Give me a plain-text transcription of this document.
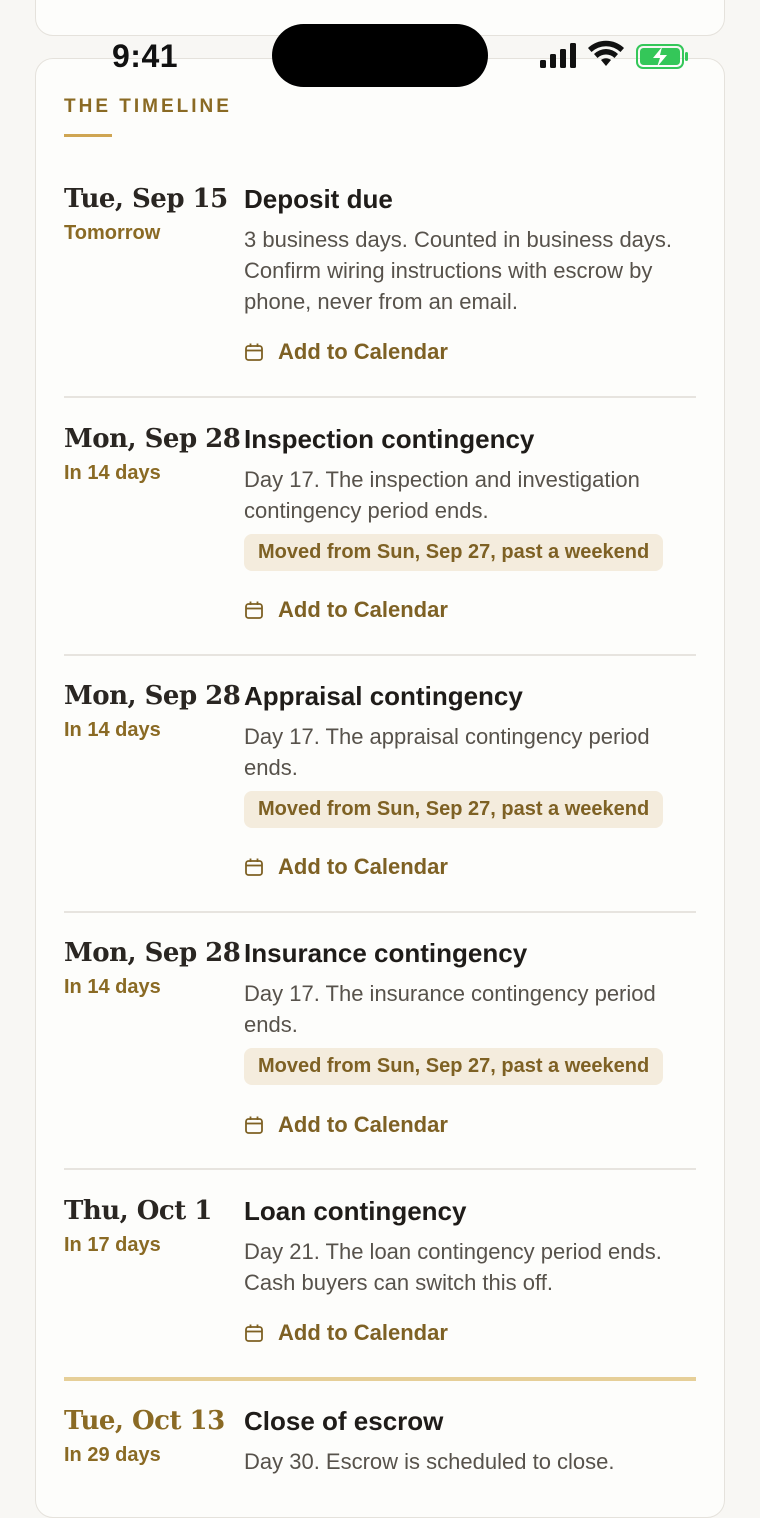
9:41
THE TIMELINE
Tue, Sep 15
Tomorrow
Deposit due
3 business days. Counted in business days. Confirm wiring instructions with escrow by phone, never from an email.
Add to Calendar
Mon, Sep 28
In 14 days
Inspection contingency
Day 17. The inspection and investigation contingency period ends.
Moved from Sun, Sep 27, past a weekend
Add to Calendar
Mon, Sep 28
In 14 days
Appraisal contingency
Day 17. The appraisal contingency period ends.
Moved from Sun, Sep 27, past a weekend
Add to Calendar
Mon, Sep 28
In 14 days
Insurance contingency
Day 17. The insurance contingency period ends.
Moved from Sun, Sep 27, past a weekend
Add to Calendar
Thu, Oct 1
In 17 days
Loan contingency
Day 21. The loan contingency period ends. Cash buyers can switch this off.
Add to Calendar
Tue, Oct 13
In 29 days
Close of escrow
Day 30. Escrow is scheduled to close.
